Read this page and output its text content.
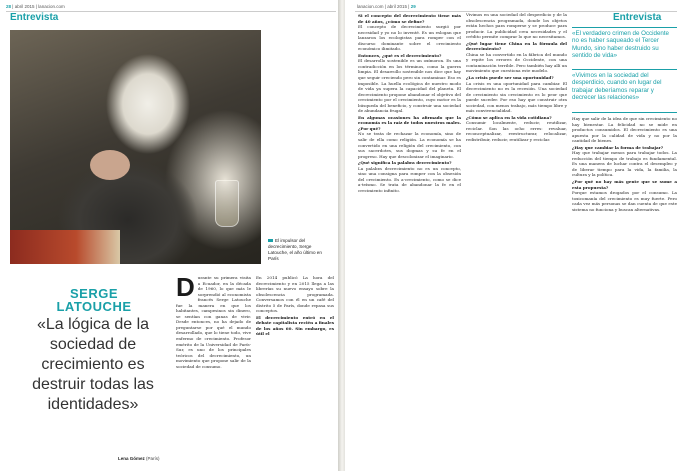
28 | abril 2015 | lanacion.com
Entrevista
El impulsor del decrecimiento, Serge Latouche, el año último en París
SERGE
LATOUCHE
«La lógica de la sociedad de crecimiento es destruir todas las identidades»
Lena Gómez (París)
D urante su primera visita a Ecuador, en la década de 1960, lo que más le sorprendió al economista francés Serge Latouche fue la manera en que los habitantes, campesinos sin dinero, se sentían con ganas de vivir. Desde entonces, no ha dejado de preguntarse por qué el mundo desarrollado, que lo tiene todo, vive enfermo de crecimiento. Profesor emérito de la Universidad de París-Sur, es uno de los principales teóricos del decrecimiento, un movimiento que propone salir de la sociedad de consumo.

En 2014 publicó La hora del decrecimiento y en 2015 llega a las librerías su nuevo ensayo sobre la obsolescencia programada. Conversamos con él en un café del distrito 5 de París, donde repasa sus conceptos.

El decrecimiento entró en el debate capitalista recién a finales de los años 60. Sin embargo, es útil el
lanacion.com | abril 2015 | 29
Entrevista
Si el concepto del decrecimiento tiene más de 40 años, ¿cómo se define?

El concepto de decrecimiento surgió por necesidad y yo no lo inventé. Es un eslogan que lanzaron los ecologistas para romper con el discurso dominante sobre el crecimiento económico ilimitado.

Entonces, ¿qué es el decrecimiento?

El desarrollo sostenible es un oxímoron. Es una contradicción en los términos, como la guerra limpia. El desarrollo sostenible nos dice que hay que seguir creciendo pero sin contaminar. Eso es imposible. La huella ecológica de nuestro modo de vida ya supera la capacidad del planeta. El decrecimiento propone abandonar el objetivo del crecimiento por el crecimiento, cuyo motor es la búsqueda del beneficio, y construir una sociedad de abundancia frugal.

En algunas ocasiones ha afirmado que la economía es la raíz de todos nuestros males. ¿Por qué?

No se trata de rechazar la economía, sino de salir de ella como religión. La economía se ha convertido en una religión del crecimiento, con sus sacerdotes, sus dogmas y su fe en el progreso. Hay que descolonizar el imaginario.

¿Qué significa la palabra decrecimiento?

La palabra decrecimiento no es un concepto, sino una consigna para romper con la obsesión del crecimiento. Es a-crecimiento, como se dice a-teísmo. Se trata de abandonar la fe en el crecimiento infinito.

Vivimos en una sociedad del desperdicio y de la obsolescencia programada, donde los objetos están hechos para romperse y se produce para producir. La publicidad crea necesidades y el crédito permite comprar lo que no necesitamos.

¿Qué lugar tiene China en la fórmula del decrecimiento?

China se ha convertido en la fábrica del mundo y repite los errores de Occidente, con una contaminación terrible. Pero también hay allí un movimiento que cuestiona este modelo.

¿La crisis puede ser una oportunidad?

La crisis es una oportunidad para cambiar. El decrecimiento no es la recesión. Una sociedad de crecimiento sin crecimiento es lo peor que puede suceder. Por eso hay que construir otra sociedad, con menos trabajo, más tiempo libre y más convivencialidad.

¿Cómo se aplica en la vida cotidiana?

Consumir localmente, reducir, reutilizar, reciclar. Son las ocho erres: revaluar, reconceptualizar, reestructurar, relocalizar, redistribuir, reducir, reutilizar y reciclar.

«El verdadero crimen de Occidente no es haber saqueado el Tercer Mundo, sino haber destruido su sentido de vida»
«Vivimos en la sociedad del desperdicio, cuando en lugar del trabajar deberíamos reparar y decrecer las relaciones»

Hay que salir de la idea de que sin crecimiento no hay bienestar. La felicidad no se mide en productos consumidos. El decrecimiento es una apuesta por la calidad de vida y no por la cantidad de bienes.

¿Hay que cambiar la forma de trabajar?

Hay que trabajar menos para trabajar todos. La reducción del tiempo de trabajo es fundamental. Es una manera de luchar contra el desempleo y de liberar tiempo para la vida, la familia, la cultura y la política.

¿Por qué no hay más gente que se sume a esta propuesta?

Porque estamos drogados por el consumo. La toxicomanía del crecimiento es muy fuerte. Pero cada vez más personas se dan cuenta de que este sistema no funciona y buscan alternativas.
